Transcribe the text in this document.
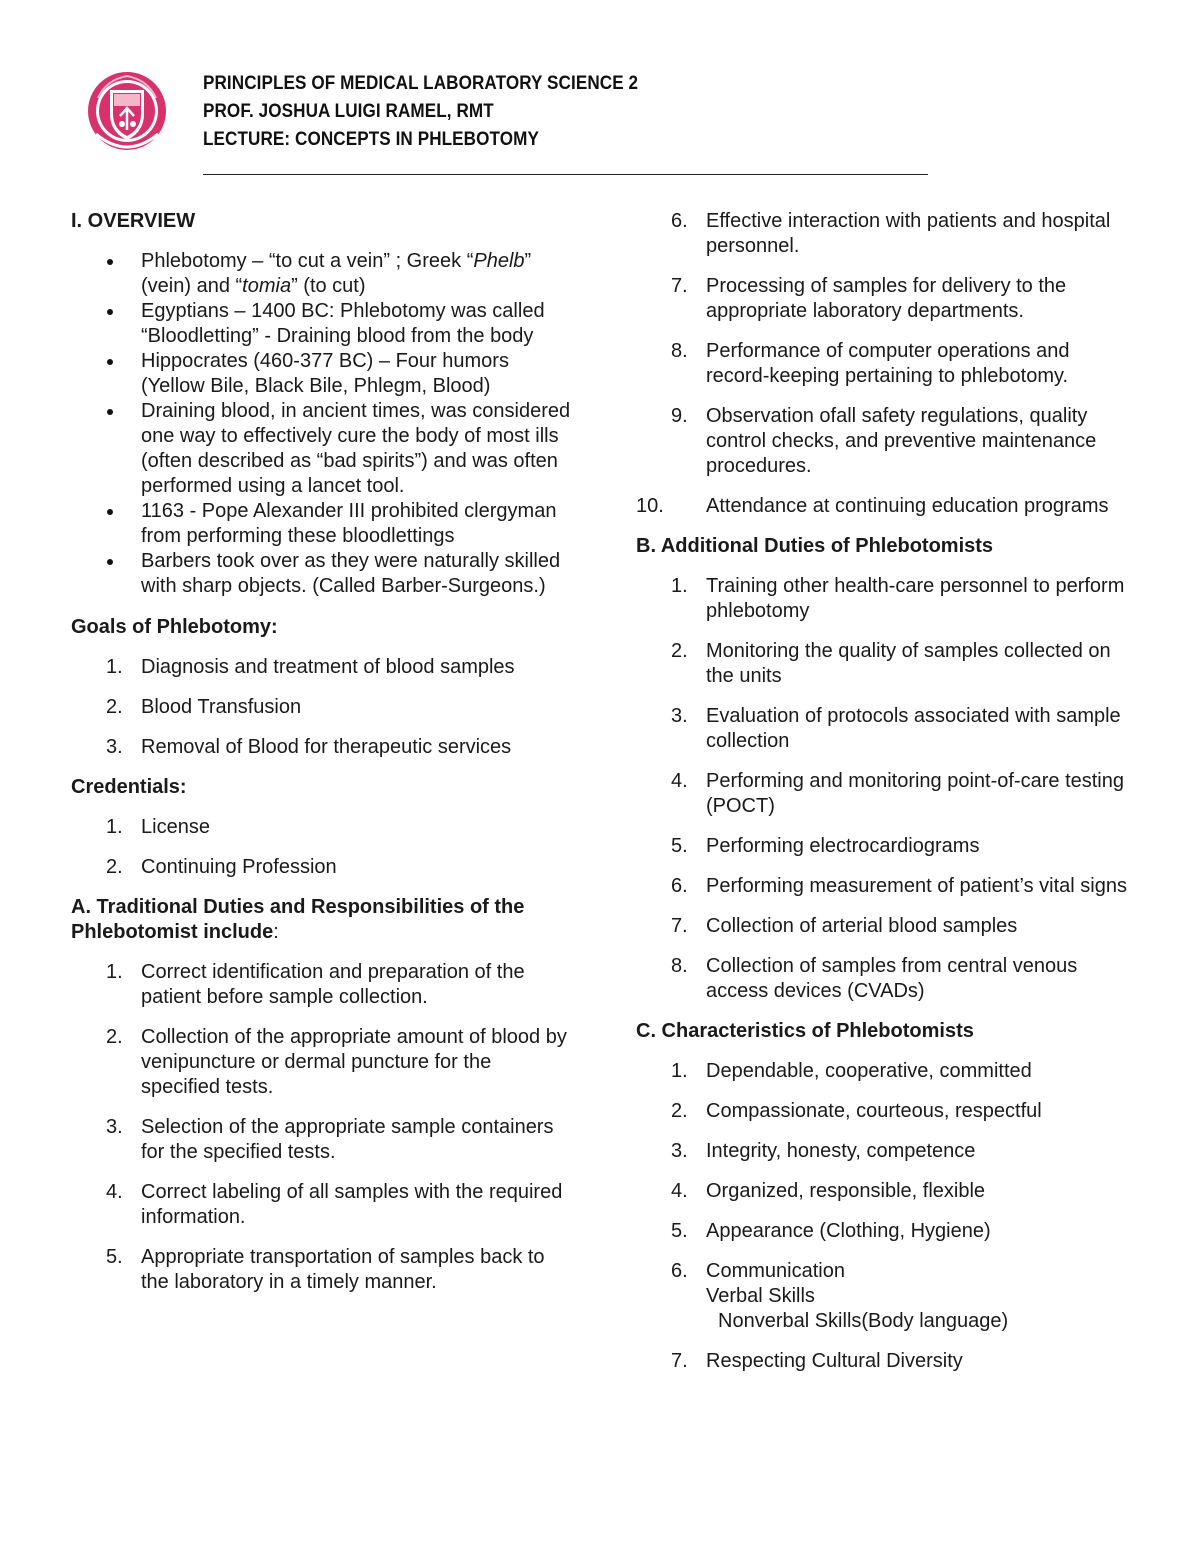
PRINCIPLES OF MEDICAL LABORATORY SCIENCE 2
PROF. JOSHUA LUIGI RAMEL, RMT
LECTURE: CONCEPTS IN PHLEBOTOMY
I. OVERVIEW
Phlebotomy – “to cut a vein” ; Greek “Phelb” (vein) and “tomia” (to cut)
Egyptians – 1400 BC: Phlebotomy was called “Bloodletting” - Draining blood from the body
Hippocrates (460-377 BC) – Four humors (Yellow Bile, Black Bile, Phlegm, Blood)
Draining blood, in ancient times, was considered one way to effectively cure the body of most ills (often described as “bad spirits”) and was often performed using a lancet tool.
1163 - Pope Alexander III prohibited clergyman from performing these bloodlettings
Barbers took over as they were naturally skilled with sharp objects. (Called Barber-Surgeons.)
Goals of Phlebotomy:
1. Diagnosis and treatment of blood samples
2. Blood Transfusion
3. Removal of Blood for therapeutic services
Credentials:
1. License
2. Continuing Profession
A. Traditional Duties and Responsibilities of the Phlebotomist include:
1. Correct identification and preparation of the patient before sample collection.
2. Collection of the appropriate amount of blood by venipuncture or dermal puncture for the specified tests.
3. Selection of the appropriate sample containers for the specified tests.
4. Correct labeling of all samples with the required information.
5. Appropriate transportation of samples back to the laboratory in a timely manner.
6. Effective interaction with patients and hospital personnel.
7. Processing of samples for delivery to the appropriate laboratory departments.
8. Performance of computer operations and record-keeping pertaining to phlebotomy.
9. Observation ofall safety regulations, quality control checks, and preventive maintenance procedures.
10. Attendance at continuing education programs
B. Additional Duties of Phlebotomists
1. Training other health-care personnel to perform phlebotomy
2. Monitoring the quality of samples collected on the units
3. Evaluation of protocols associated with sample collection
4. Performing and monitoring point-of-care testing (POCT)
5. Performing electrocardiograms
6. Performing measurement of patient’s vital signs
7. Collection of arterial blood samples
8. Collection of samples from central venous access devices (CVADs)
C. Characteristics of Phlebotomists
1. Dependable, cooperative, committed
2. Compassionate, courteous, respectful
3. Integrity, honesty, competence
4. Organized, responsible, flexible
5. Appearance (Clothing, Hygiene)
6. Communication
Verbal Skills
Nonverbal Skills(Body language)
7. Respecting Cultural Diversity
